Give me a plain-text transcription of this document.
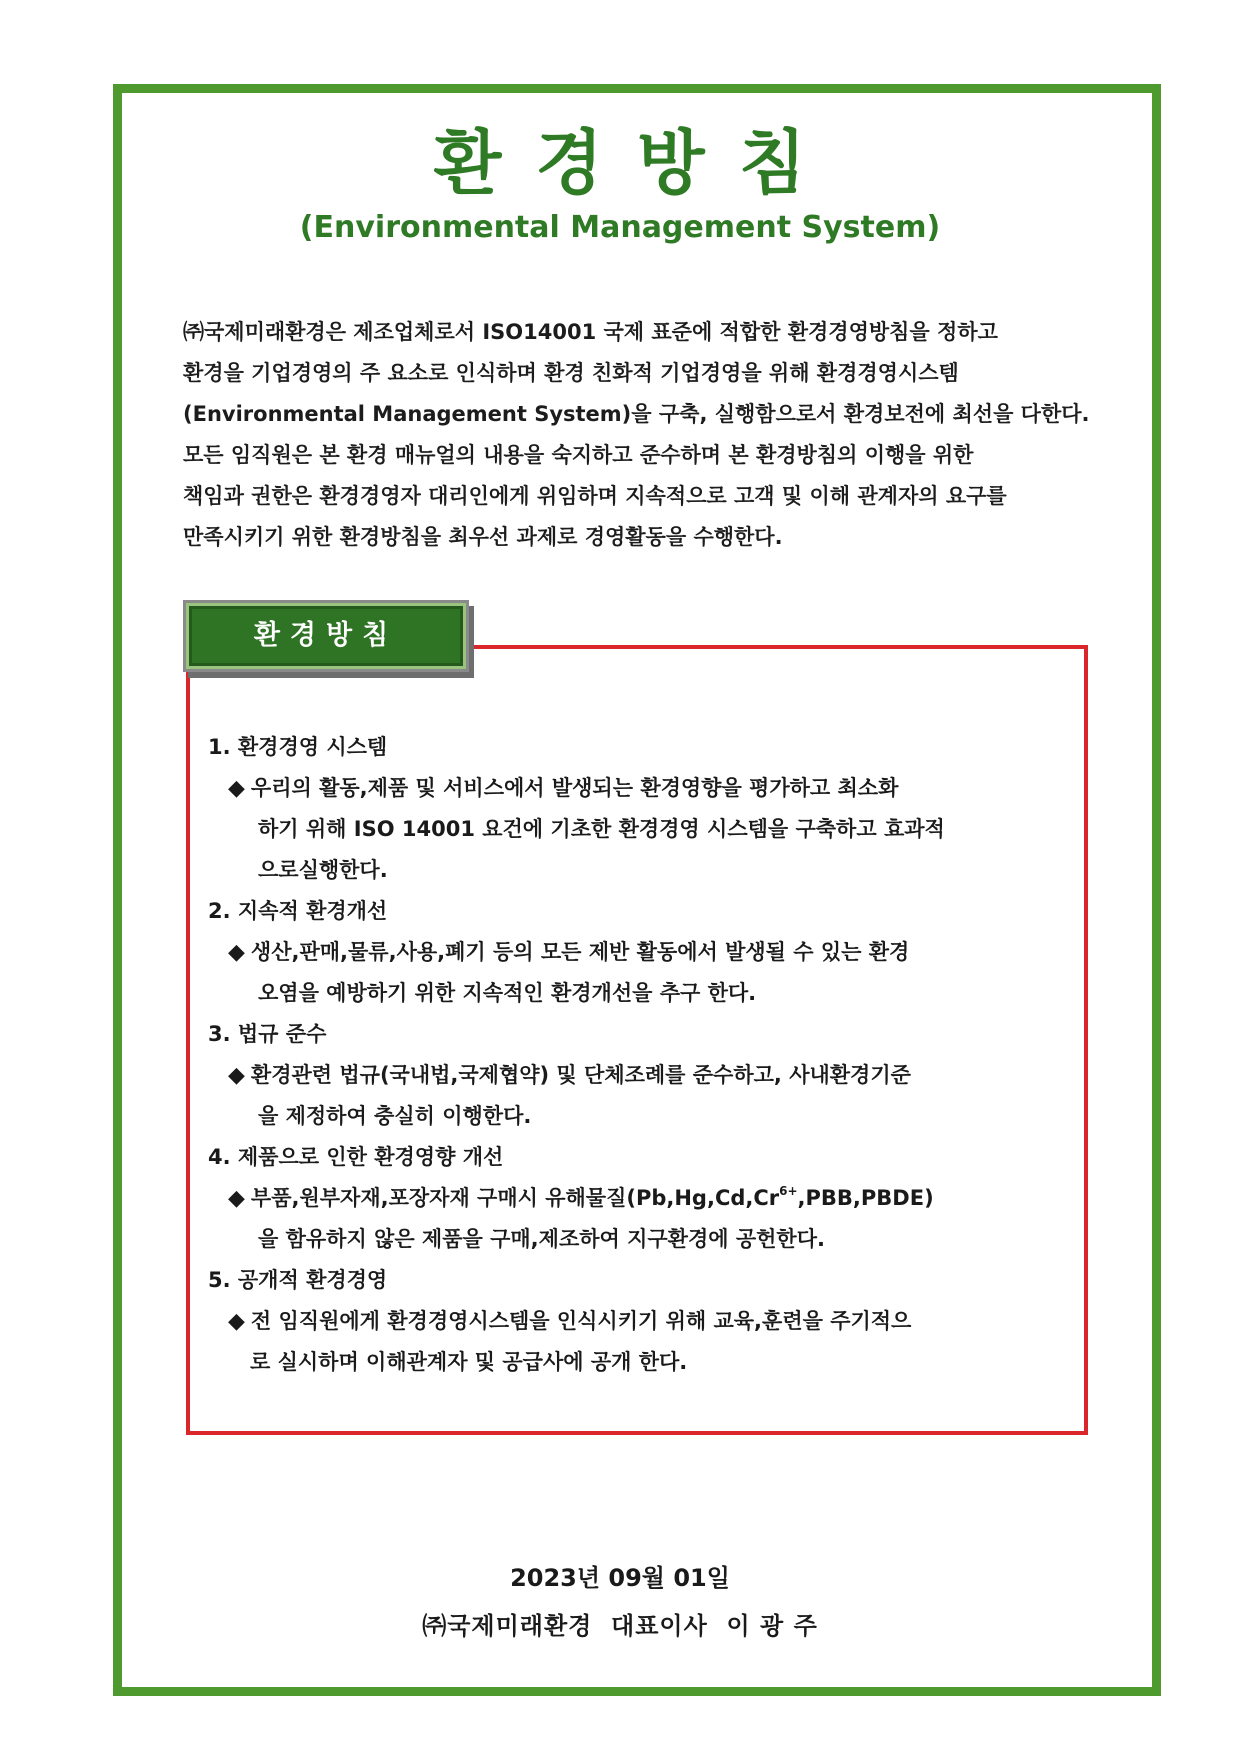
환경방침
(Environmental Management System)

㈜국제미래환경은 제조업체로서 ISO14001 국제 표준에 적합한 환경경영방침을 정하고

환경을 기업경영의 주 요소로 인식하며 환경 친화적 기업경영을 위해 환경경영시스템

(Environmental Management System)을 구축, 실행함으로서 환경보전에 최선을 다한다.

모든 임직원은 본 환경 매뉴얼의 내용을 숙지하고 준수하며 본 환경방침의 이행을 위한

책임과 권한은 환경경영자 대리인에게 위임하며 지속적으로 고객 및 이해 관계자의 요구를

만족시키기 위한 환경방침을 최우선 과제로 경영활동을 수행한다.

환경방침
1. 환경경영 시스템

◆ 우리의 활동,제품 및 서비스에서 발생되는 환경영향을 평가하고 최소화

하기 위해 ISO 14001 요건에 기초한 환경경영 시스템을 구축하고 효과적

으로실행한다.

2. 지속적 환경개선

◆ 생산,판매,물류,사용,폐기 등의 모든 제반 활동에서 발생될 수 있는 환경

오염을 예방하기 위한 지속적인 환경개선을 추구 한다.

3. 법규 준수

◆ 환경관련 법규(국내법,국제협약) 및 단체조례를 준수하고, 사내환경기준

을 제정하여 충실히 이행한다.

4. 제품으로 인한 환경영향 개선

◆ 부품,원부자재,포장자재 구매시 유해물질$(Pb,Hg,Cd,Cr^{6+},PBB,PBDE)$

을 함유하지 않은 제품을 구매,제조하여 지구환경에 공헌한다.

5. 공개적 환경경영

◆ 전 임직원에게 환경경영시스템을 인식시키기 위해 교육,훈련을 주기적으

로 실시하며 이해관계자 및 공급사에 공개 한다.

2023년 09월 01일
㈜국제미래환경  대표이사  이 광 주
